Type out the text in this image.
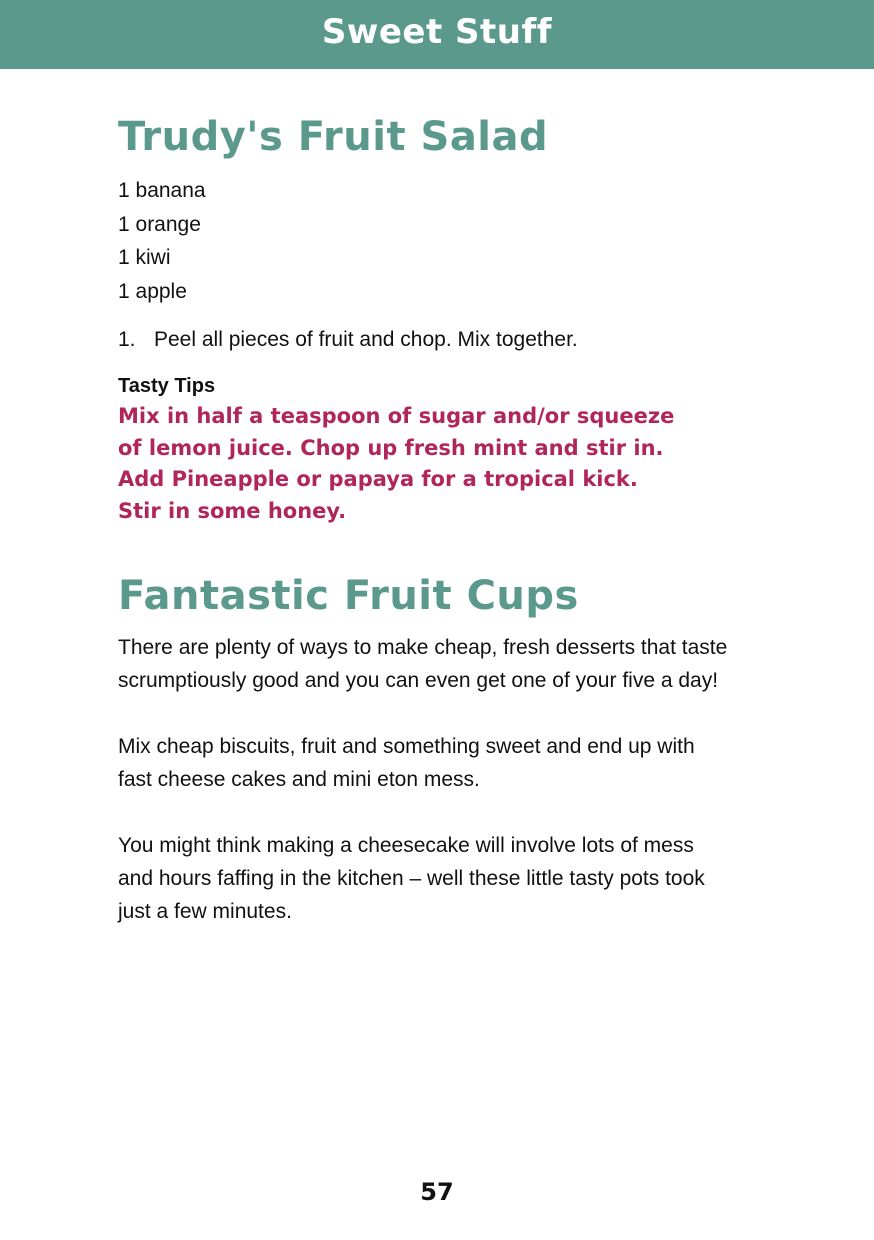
Sweet Stuff
Trudy's Fruit Salad
1 banana
1 orange
1 kiwi
1 apple
1. Peel all pieces of fruit and chop. Mix together.
Tasty Tips
Mix in half a teaspoon of sugar and/or squeeze
of lemon juice. Chop up fresh mint and stir in.
Add Pineapple or papaya for a tropical kick.
Stir in some honey.
Fantastic Fruit Cups
There are plenty of ways to make cheap, fresh desserts that taste
scrumptiously good and you can even get one of your five a day!
Mix cheap biscuits, fruit and something sweet and end up with
fast cheese cakes and mini eton mess.
You might think making a cheesecake will involve lots of mess
and hours faffing in the kitchen – well these little tasty pots took
just a few minutes.
57
